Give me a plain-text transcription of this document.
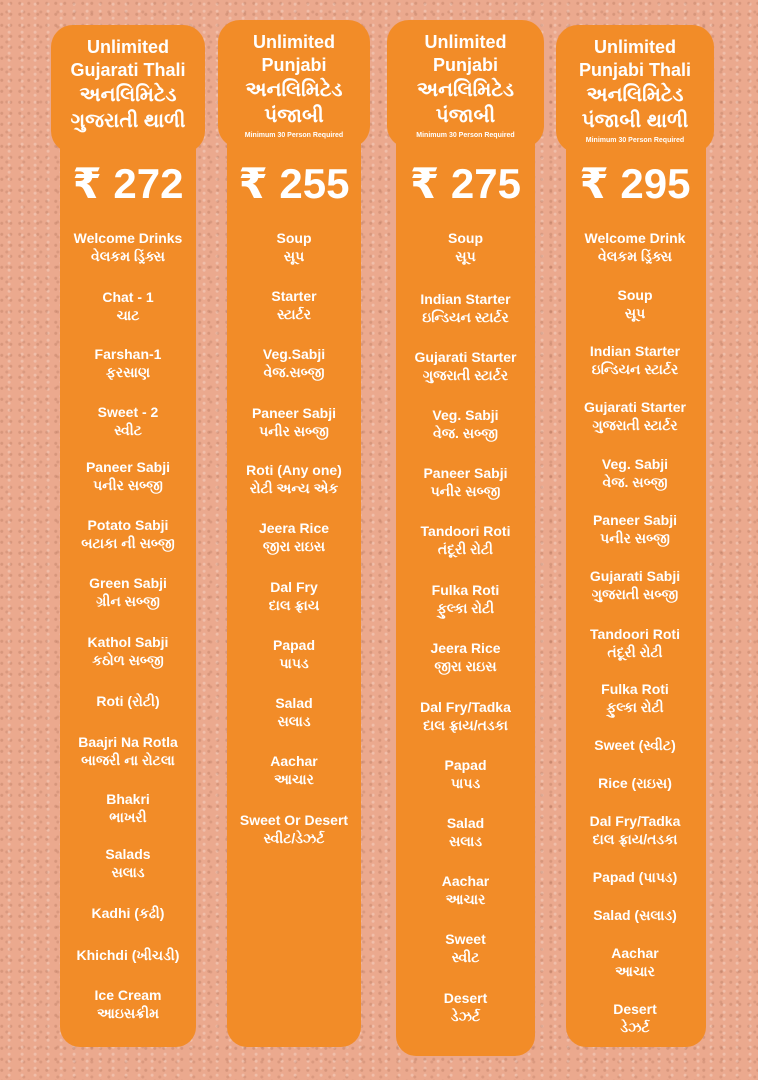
Unlimited
Gujarati Thali
અનલિમિટેડ
ગુજરાતી થાળી
₹ 272
Welcome Drinks
વેલકમ ડ્રિંક્સ
Chat - 1
ચાટ
Farshan-1
ફરસાણ
Sweet - 2
સ્વીટ
Paneer Sabji
પનીર સબ્જી
Potato Sabji
બટાકા ની સબ્જી
Green Sabji
ગ્રીન સબ્જી
Kathol Sabji
કઠોળ સબ્જી
Roti (રોટી)
Baajri Na Rotla
બાજરી ના રોટલા
Bhakri
ભાખરી
Salads
સલાડ
Kadhi (કઢી)
Khichdi (ખીચડી)
Ice Cream
આઇસક્રીમ
Unlimited
Punjabi
અનલિમિટેડ
પંજાબી
Minimum 30 Person Required
₹ 255
Soup
સૂપ
Starter
સ્ટાર્ટર
Veg.Sabji
વેજ.સબ્જી
Paneer Sabji
પનીર સબ્જી
Roti (Any one)
રોટી અન્ય એક
Jeera Rice
જીરા રાઇસ
Dal Fry
દાલ ફ્રાય
Papad
પાપડ
Salad
સલાડ
Aachar
આચાર
Sweet Or Desert
સ્વીટ/ડેઝર્ટ
Unlimited
Punjabi
અનલિમિટેડ
પંજાબી
Minimum 30 Person Required
₹ 275
Soup
સૂપ
Indian Starter
ઇન્ડિયન સ્ટાર્ટર
Gujarati Starter
ગુજરાતી સ્ટાર્ટર
Veg. Sabji
વેજ. સબ્જી
Paneer Sabji
પનીર સબ્જી
Tandoori Roti
તંદૂરી રોટી
Fulka Roti
ફુલ્કા રોટી
Jeera Rice
જીરા રાઇસ
Dal Fry/Tadka
દાલ ફ્રાય/તડકા
Papad
પાપડ
Salad
સલાડ
Aachar
આચાર
Sweet
સ્વીટ
Desert
ડેઝર્ટ
Unlimited
Punjabi Thali
અનલિમિટેડ
પંજાબી થાળી
Minimum 30 Person Required
₹ 295
Welcome Drink
વેલકમ ડ્રિંક્સ
Soup
સૂપ
Indian Starter
ઇન્ડિયન સ્ટાર્ટર
Gujarati Starter
ગુજરાતી સ્ટાર્ટર
Veg. Sabji
વેજ. સબ્જી
Paneer Sabji
પનીર સબ્જી
Gujarati Sabji
ગુજરાતી સબ્જી
Tandoori Roti
તંદૂરી રોટી
Fulka Roti
ફુલ્કા રોટી
Sweet (સ્વીટ)
Rice (રાઇસ)
Dal Fry/Tadka
દાલ ફ્રાય/તડકા
Papad (પાપડ)
Salad (સલાડ)
Aachar
આચાર
Desert
ડેઝર્ટ
